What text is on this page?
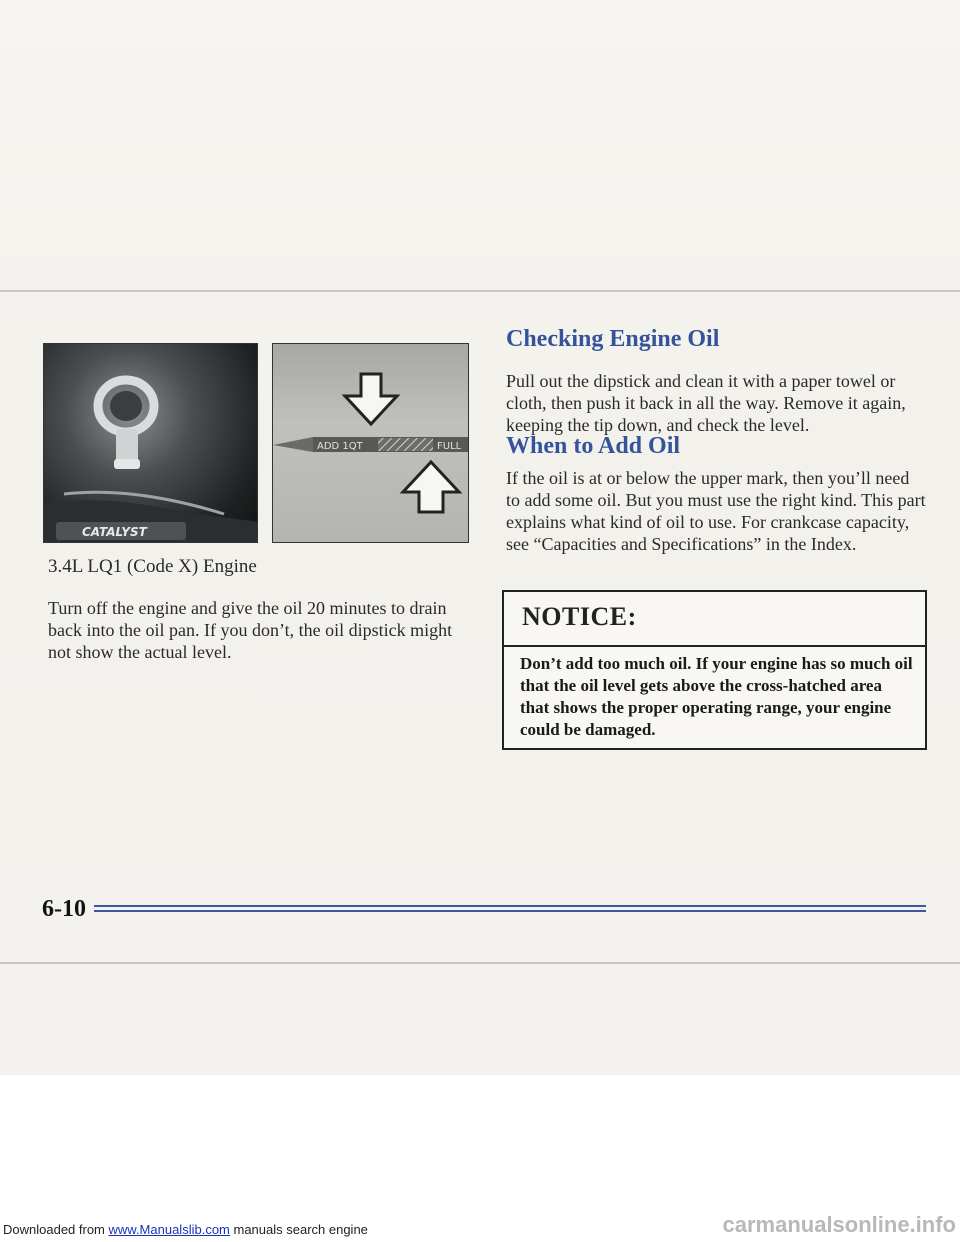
CATALYST
ADD 1QT	FULL
3.4L LQ1 (Code X) Engine

Turn off the engine and give the oil 20 minutes to drain back into the oil pan. If you don’t, the oil dipstick might not show the actual level.

Checking Engine Oil

Pull out the dipstick and clean it with a paper towel or cloth, then push it back in all the way. Remove it again, keeping the tip down, and check the level.

When to Add Oil

If the oil is at or below the upper mark, then you’ll need to add some oil. But you must use the right kind. This part explains what kind of oil to use. For crankcase capacity, see “Capacities and Specifications” in the Index.

NOTICE:
Don’t add too much oil. If your engine has so much oil that the oil level gets above the cross-hatched area that shows the proper operating range, your engine could be damaged.
6-10
Downloaded from www.Manualslib.com manuals search engine	carmanualsonline.info
